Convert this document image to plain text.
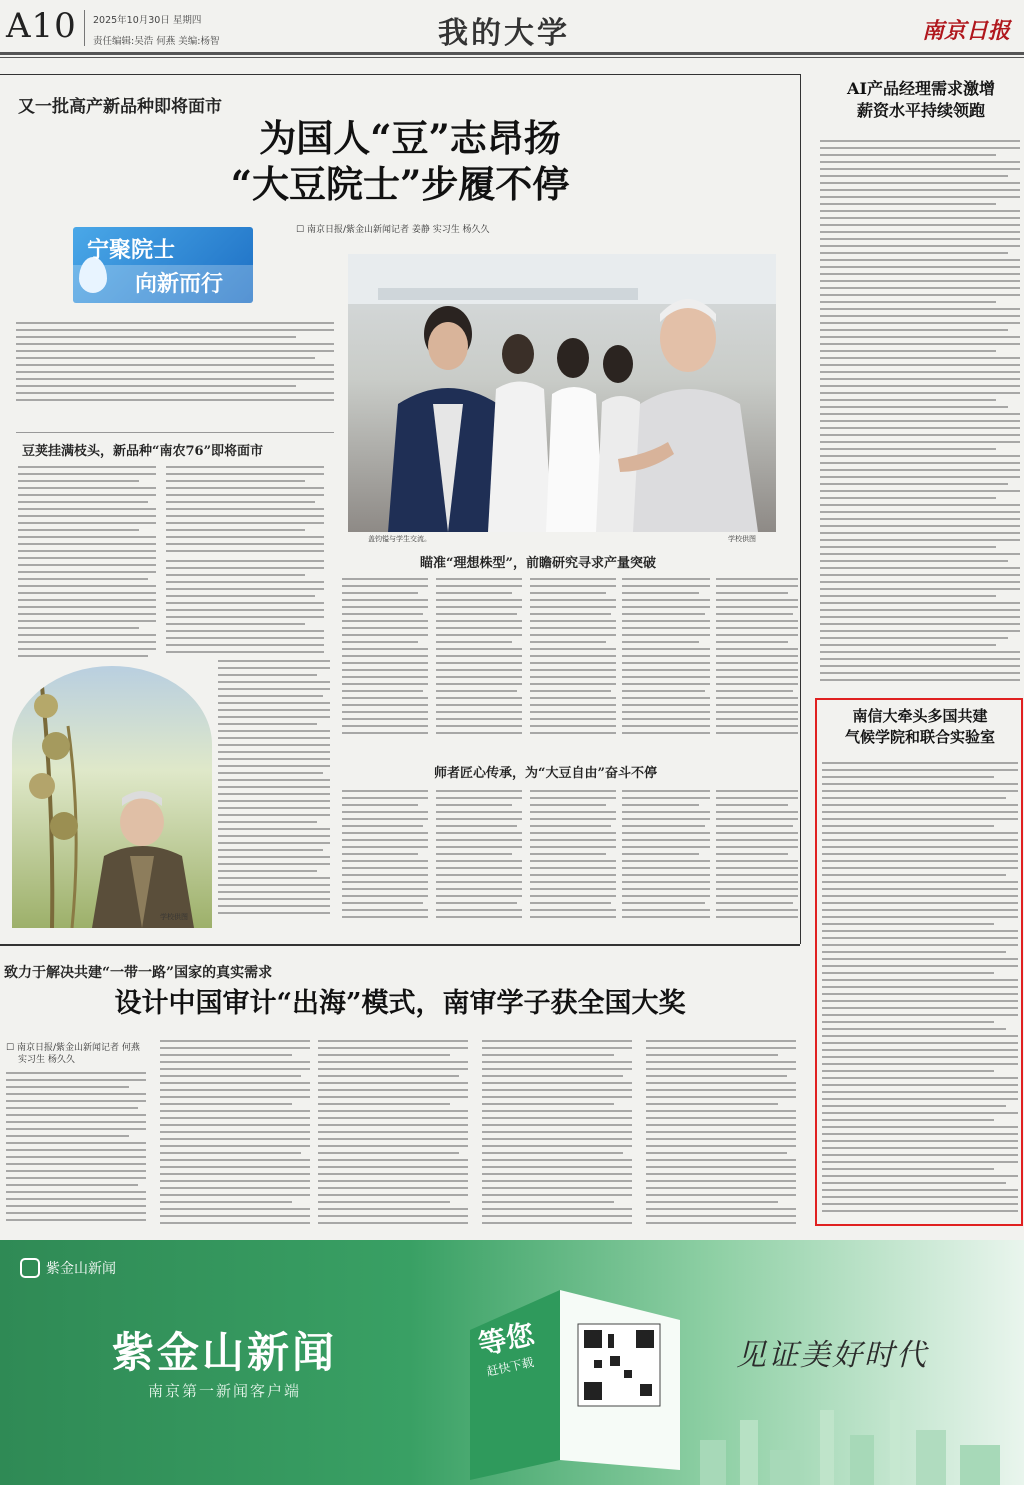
A10 2025年10月30日 星期四
责任编辑:吴浩 何燕 美编:杨智	我的大学	南京日报
又一批高产新品种即将面市
为国人“豆”志昂扬
“大豆院士”步履不停
☐ 南京日报/紫金山新闻记者 姜静 实习生 杨久久
宁聚院士
向新而行
盖钧镒与学生交流。	学校供图
豆荚挂满枝头，新品种“南农76”即将面市
学校供图
瞄准“理想株型”，前瞻研究寻求产量突破
师者匠心传承，为“大豆自由”奋斗不停
致力于解决共建“一带一路”国家的真实需求
设计中国审计“出海”模式，南审学子获全国大奖
☐ 南京日报/紫金山新闻记者 何燕
实习生 杨久久
AI产品经理需求激增
薪资水平持续领跑
南信大牵头多国共建
气候学院和联合实验室
紫金山新闻
紫金山新闻
南京第一新闻客户端
等您
赶快下载	见证美好时代
